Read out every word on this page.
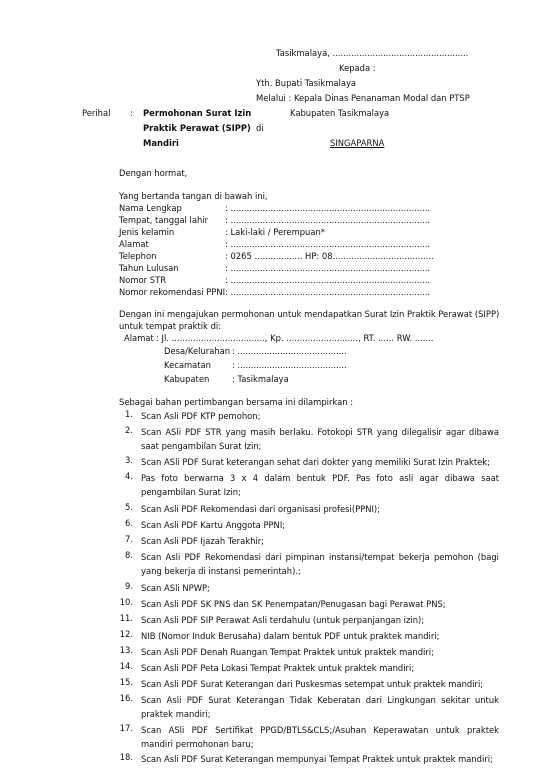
Tasikmalaya, ...................................................
Kepada :
Yth. Bupati Tasikmalaya
Melalui : Kepala Dinas Penanaman Modal dan PTSP
Perihal : Permohonan Surat Izin
Praktik Perawat (SIPP)
Mandiri
Kabupaten Tasikmalaya
di
SINGAPARNA
Dengan hormat,
Yang bertanda tangan di bawah ini,
Nama Lengkap	: ...........................................................................
Tempat, tanggal lahir : ...........................................................................
Jenis kelamin	: Laki-laki / Perempuan*
Alamat	: ...........................................................................
Telephon	: 0265 .................. HP: 08......................................
Tahun Lulusan	: ...........................................................................
Nomor STR	: ...........................................................................
Nomor rekomendasi PPNI : ...........................................................................
Dengan ini mengajukan permohonan untuk mendapatkan Surat Izin Praktik Perawat (SIPP)
untuk tempat praktik di:
Alamat : Jl. ..................................., Kp. ..........................., RT. ...... RW. .......
Desa/Kelurahan : .........................................
Kecamatan	: .........................................
Kabupaten	: Tasikmalaya
Sebagai bahan pertimbangan bersama ini dilampirkan :
1. Scan Asli PDF KTP pemohon;
2. Scan ASli PDF STR yang masih berlaku. Fotokopi STR yang dilegalisir agar dibawa saat pengambilan Surat Izin;
3. Scan ASli PDF Surat keterangan sehat dari dokter yang memiliki Surat Izin Praktek;
4. Pas foto berwarna 3 x 4 dalam bentuk PDF. Pas foto asli agar dibawa saat pengambilan Surat Izin;
5. Scan Asli PDF Rekomendasi dari organisasi profesi(PPNI);
6. Scan Asli PDF Kartu Anggota PPNI;
7. Scan Asli PDF Ijazah Terakhir;
8. Scan Asli PDF Rekomendasi dari pimpinan instansi/tempat bekerja pemohon (bagi yang bekerja di instansi pemerintah).;
9. Scan ASli NPWP;
10. Scan Asli PDF SK PNS dan SK Penempatan/Penugasan bagi Perawat PNS;
11. Scan Asli PDF SIP Perawat Asli terdahulu (untuk perpanjangan izin);
12. NIB (Nomor Induk Berusaha) dalam bentuk PDF untuk praktek mandiri;
13. Scan Asli PDF Denah Ruangan Tempat Praktek untuk praktek mandiri;
14. Scan Asli PDF Peta Lokasi Tempat Praktek untuk praktek mandiri;
15. Scan Asli PDF Surat Keterangan dari Puskesmas setempat untuk praktek mandiri;
16. Scan Asli PDF Surat Keterangan Tidak Keberatan dari Lingkungan sekitar untuk praktek mandiri;
17. Scan ASli PDF Sertifikat PPGD/BTLS&CLS;/Asuhan Keperawatan untuk praktek mandiri permohonan baru;
18. Scan Asli PDF Surat Keterangan mempunyai Tempat Praktek untuk praktek mandiri;
